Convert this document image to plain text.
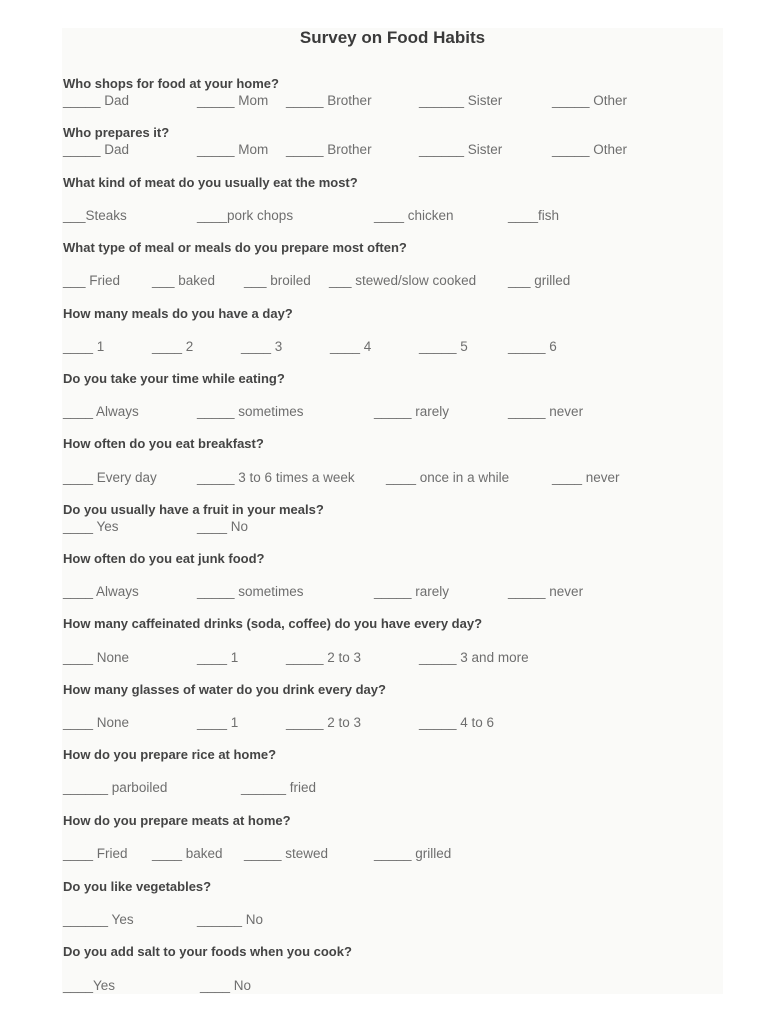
Survey on Food Habits
Who shops for food at your home?
_____ Dad	_____ Mom _____ Brother	______ Sister	_____ Other
Who prepares it?
_____ Dad	_____ Mom _____ Brother	______ Sister	_____ Other
What kind of meat do you usually eat the most?
___Steaks	____pork chops	____ chicken	____fish
What type of meal or meals do you prepare most often?
___ Fried ___ baked ___ broiled ___ stewed/slow cooked ___ grilled
How many meals do you have a day?
____ 1	____ 2	____ 3	____ 4	_____ 5	_____ 6
Do you take your time while eating?
____ Always	_____ sometimes	_____ rarely	_____ never
How often do you eat breakfast?
____ Every day	_____ 3 to 6 times a week ____ once in a while	____ never
Do you usually have a fruit in your meals?
____ Yes	____ No
How often do you eat junk food?
____ Always	_____ sometimes	_____ rarely	_____ never
How many caffeinated drinks (soda, coffee) do you have every day?
____ None	____ 1	_____ 2 to 3	_____ 3 and more
How many glasses of water do you drink every day?
____ None	____ 1	_____ 2 to 3	_____ 4 to 6
How do you prepare rice at home?
______ parboiled	______ fried
How do you prepare meats at home?
____ Fried ____ baked _____ stewed	_____ grilled
Do you like vegetables?
______ Yes	______ No
Do you add salt to your foods when you cook?
____Yes	____ No
